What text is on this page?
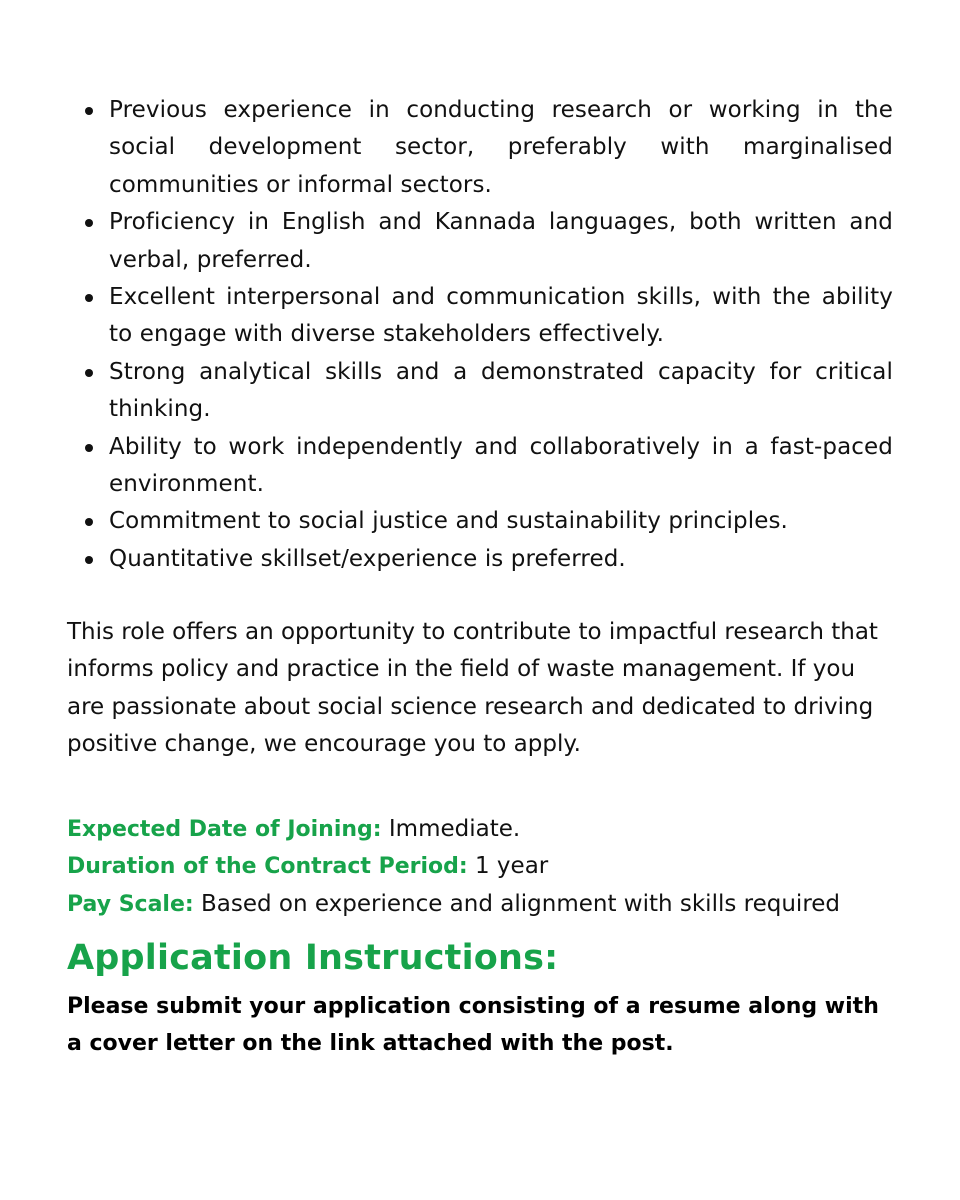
Previous experience in conducting research or working in the social development sector, preferably with marginalised communities or informal sectors.
Proficiency in English and Kannada languages, both written and verbal, preferred.
Excellent interpersonal and communication skills, with the ability to engage with diverse stakeholders effectively.
Strong analytical skills and a demonstrated capacity for critical thinking.
Ability to work independently and collaboratively in a fast-paced environment.
Commitment to social justice and sustainability principles.
Quantitative skillset/experience is preferred.

This role offers an opportunity to contribute to impactful research that informs policy and practice in the field of waste management. If you are passionate about social science research and dedicated to driving positive change, we encourage you to apply.

Expected Date of Joining: Immediate.
Duration of the Contract Period: 1 year
Pay Scale: Based on experience and alignment with skills required
Application Instructions:

Please submit your application consisting of a resume along with a cover letter on the link attached with the post.
